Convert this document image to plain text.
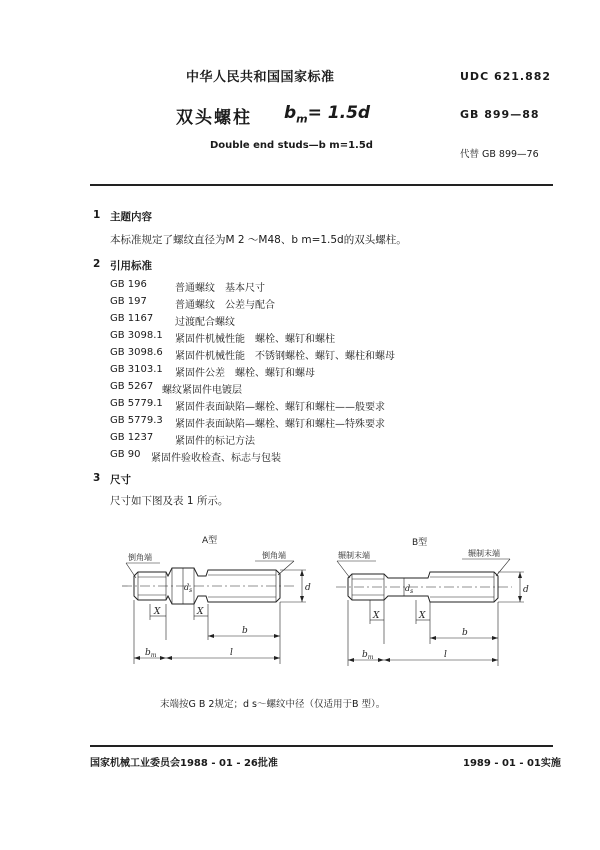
中华人民共和国国家标准	UDC 621.882
双头螺柱 $b_m= 1.5d$	GB 899—88
Double end studs—b m=1.5d
代替 GB 899—76
1 主题内容
本标准规定了螺纹直径为M 2 ～M48、b m=1.5d的双头螺柱。
2 引用标准
GB 196	普通螺纹　基本尺寸
GB 197	普通螺纹　公差与配合
GB 1167 过渡配合螺纹
GB 3098.1 紧固件机械性能　螺栓、螺钉和螺柱
GB 3098.6 紧固件机械性能　不锈钢螺栓、螺钉、螺柱和螺母
GB 3103.1 紧固件公差　螺栓、螺钉和螺母
GB 5267 螺纹紧固件电镀层
GB 5779.1 紧固件表面缺陷—螺栓、螺钉和螺柱——般要求
GB 5779.3 紧固件表面缺陷—螺栓、螺钉和螺柱—特殊要求
GB 1237 紧固件的标记方法
GB 90 紧固件验收检查、标志与包装
3 尺寸
尺寸如下图及表 1 所示。
A型
倒角端	倒角端
d
$d_s$
X	X
b
$b_m$	l
B型
辗制末端	辗制末端
d
$d_s$
X	X
b
$b_m$	l
末端按G B 2规定；d s～螺纹中径（仅适用于B 型）。
国家机械工业委员会1988 - 01 - 26批准	1989 - 01 - 01实施
